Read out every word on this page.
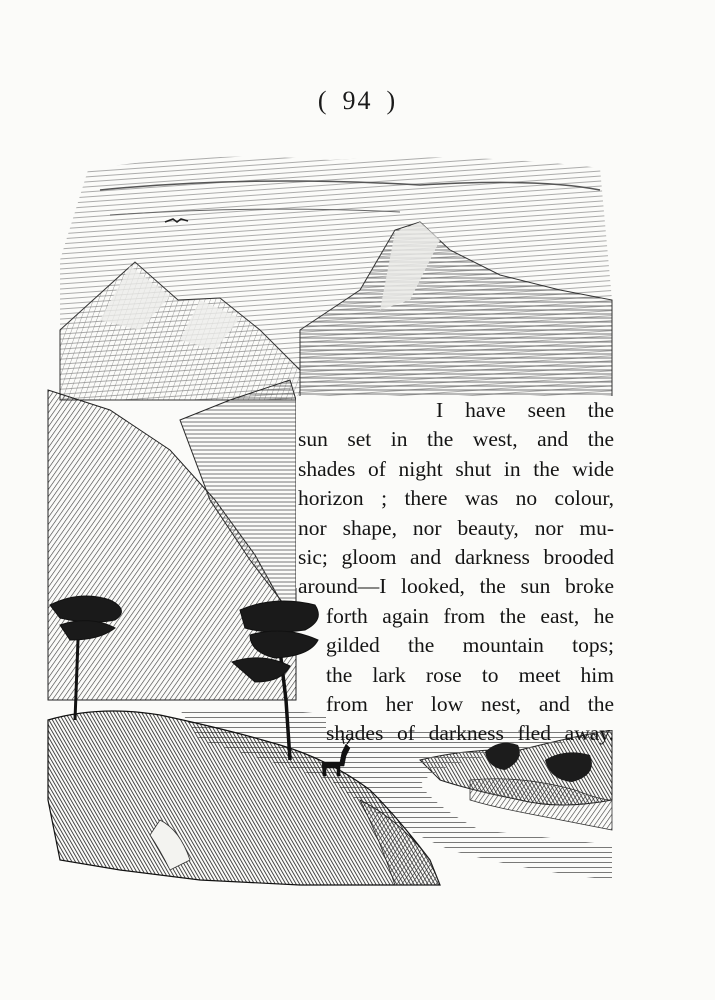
( 94 )
I have seen the
sun set in the west, and the
shades of night shut in the wide
horizon ; there was no colour,
nor shape, nor beauty, nor mu-
sic; gloom and darkness brooded
around—I looked, the sun broke
forth again from the east, he
gilded the mountain tops;
the lark rose to meet him
from her low nest, and the
shades of darkness fled away.
